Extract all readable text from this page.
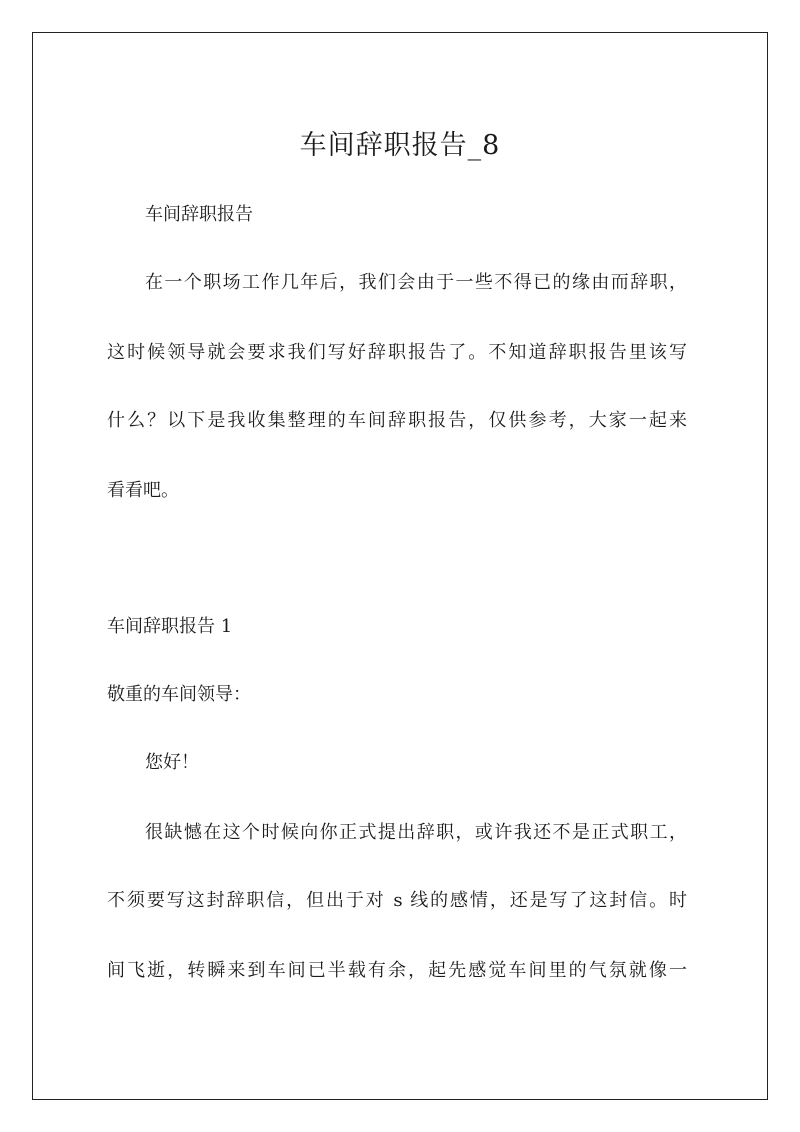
车间辞职报告_8

车间辞职报告

在一个职场工作几年后，我们会由于一些不得已的缘由而辞职，

这时候领导就会要求我们写好辞职报告了。不知道辞职报告里该写

什么？以下是我收集整理的车间辞职报告，仅供参考，大家一起来

看看吧。

车间辞职报告 1

敬重的车间领导：

您好！

很缺憾在这个时候向你正式提出辞职，或许我还不是正式职工，

不须要写这封辞职信，但出于对 s 线的感情，还是写了这封信。时

间飞逝，转瞬来到车间已半载有余，起先感觉车间里的气氛就像一
